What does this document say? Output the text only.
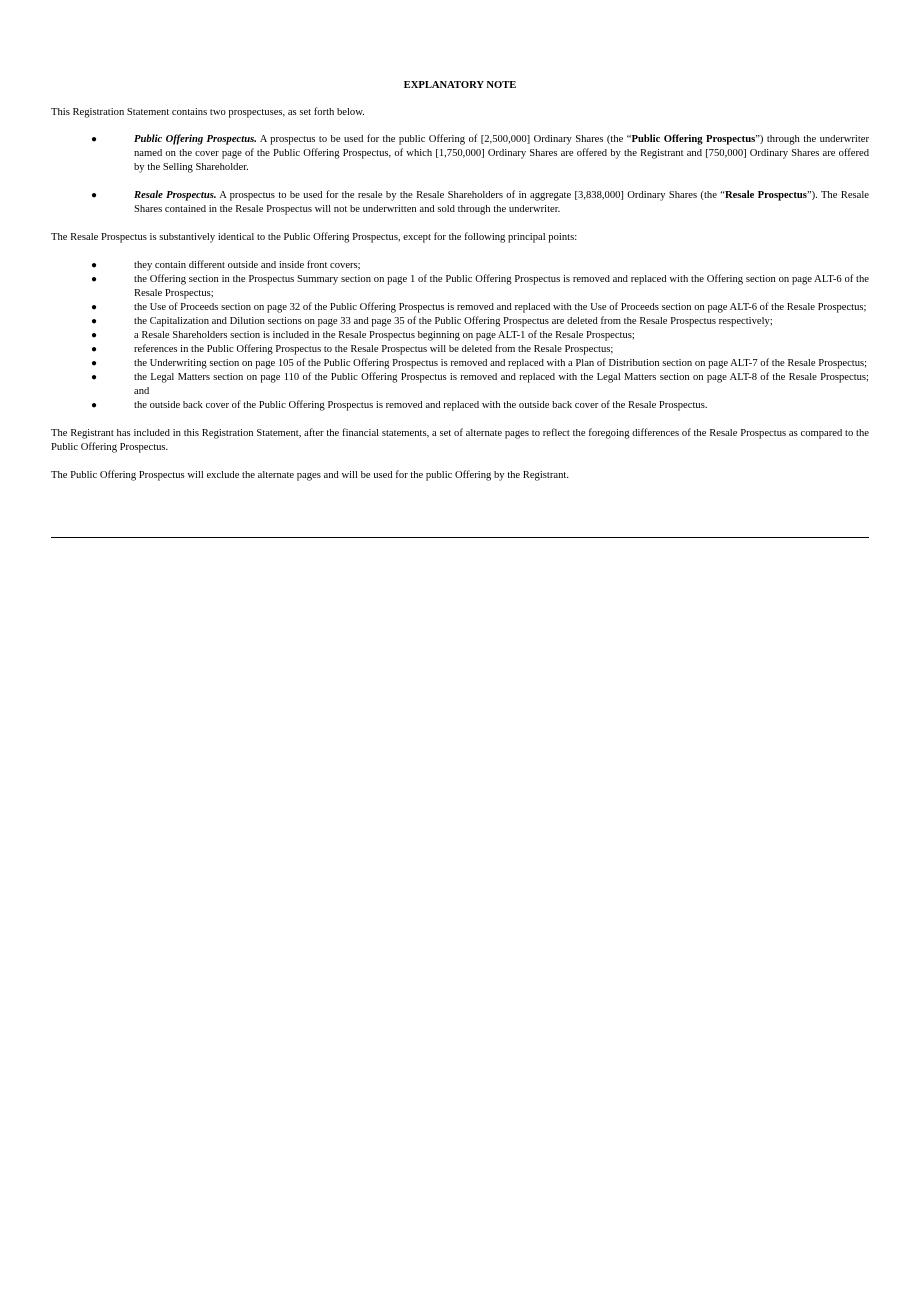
EXPLANATORY NOTE

This Registration Statement contains two prospectuses, as set forth below.

●	Public Offering Prospectus. A prospectus to be used for the public Offering of [2,500,000] Ordinary Shares (the “Public Offering Prospectus”) through the underwriter named on the cover page of the Public Offering Prospectus, of which [1,750,000] Ordinary Shares are offered by the Registrant and [750,000] Ordinary Shares are offered by the Selling Shareholder.
●	Resale Prospectus. A prospectus to be used for the resale by the Resale Shareholders of in aggregate [3,838,000] Ordinary Shares (the “Resale Prospectus”). The Resale Shares contained in the Resale Prospectus will not be underwritten and sold through the underwriter.

The Resale Prospectus is substantively identical to the Public Offering Prospectus, except for the following principal points:

●	they contain different outside and inside front covers;
●	the Offering section in the Prospectus Summary section on page 1 of the Public Offering Prospectus is removed and replaced with the Offering section on page ALT-6 of the Resale Prospectus;
●	the Use of Proceeds section on page 32 of the Public Offering Prospectus is removed and replaced with the Use of Proceeds section on page ALT-6 of the Resale Prospectus;
●	the Capitalization and Dilution sections on page 33 and page 35 of the Public Offering Prospectus are deleted from the Resale Prospectus respectively;
●	a Resale Shareholders section is included in the Resale Prospectus beginning on page ALT-1 of the Resale Prospectus;
●	references in the Public Offering Prospectus to the Resale Prospectus will be deleted from the Resale Prospectus;
●	the Underwriting section on page 105 of the Public Offering Prospectus is removed and replaced with a Plan of Distribution section on page ALT-7 of the Resale Prospectus;
●	the Legal Matters section on page 110 of the Public Offering Prospectus is removed and replaced with the Legal Matters section on page ALT-8 of the Resale Prospectus; and
●	the outside back cover of the Public Offering Prospectus is removed and replaced with the outside back cover of the Resale Prospectus.

The Registrant has included in this Registration Statement, after the financial statements, a set of alternate pages to reflect the foregoing differences of the Resale Prospectus as compared to the Public Offering Prospectus.

The Public Offering Prospectus will exclude the alternate pages and will be used for the public Offering by the Registrant.
